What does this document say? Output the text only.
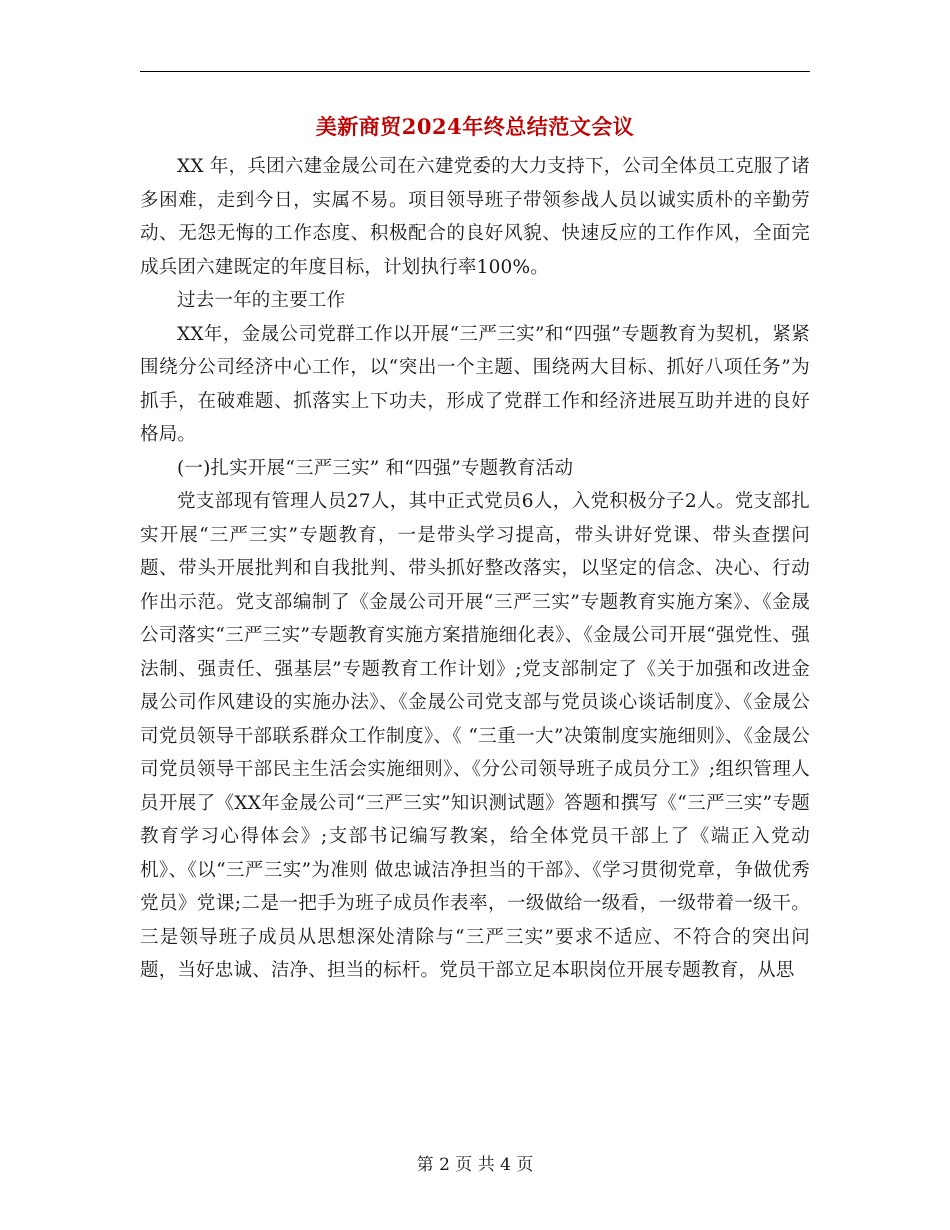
美新商贸2024年终总结范文会议

XX 年，兵团六建金晟公司在六建党委的大力支持下，公司全体员工克服了诸多困难，走到今日，实属不易。项目领导班子带领参战人员以诚实质朴的辛勤劳动、无怨无悔的工作态度、积极配合的良好风貌、快速反应的工作作风，全面完成兵团六建既定的年度目标，计划执行率100%。

过去一年的主要工作

XX年，金晟公司党群工作以开展“三严三实”和“四强”专题教育为契机，紧紧围绕分公司经济中心工作，以“突出一个主题、围绕两大目标、抓好八项任务”为抓手，在破难题、抓落实上下功夫，形成了党群工作和经济进展互助并进的良好格局。

(一)扎实开展“三严三实” 和“四强”专题教育活动

党支部现有管理人员27人，其中正式党员6人，入党积极分子2人。党支部扎实开展“三严三实”专题教育，一是带头学习提高，带头讲好党课、带头查摆问题、带头开展批判和自我批判、带头抓好整改落实，以坚定的信念、决心、行动作出示范。党支部编制了《金晟公司开展“三严三实”专题教育实施方案》、《金晟公司落实“三严三实”专题教育实施方案措施细化表》、《金晟公司开展“强党性、强法制、强责任、强基层”专题教育工作计划》;党支部制定了《关于加强和改进金晟公司作风建设的实施办法》、《金晟公司党支部与党员谈心谈话制度》、《金晟公司党员领导干部联系群众工作制度》、《 “三重一大”决策制度实施细则》、《金晟公司党员领导干部民主生活会实施细则》、《分公司领导班子成员分工》;组织管理人员开展了《XX年金晟公司“三严三实”知识测试题》答题和撰写《“三严三实”专题教育学习心得体会》;支部书记编写教案，给全体党员干部上了《端正入党动机》、《以“三严三实”为准则 做忠诚洁净担当的干部》、《学习贯彻党章，争做优秀党员》党课;二是一把手为班子成员作表率，一级做给一级看，一级带着一级干。三是领导班子成员从思想深处清除与“三严三实”要求不适应、不符合的突出问题，当好忠诚、洁净、担当的标杆。党员干部立足本职岗位开展专题教育，从思

第 2 页 共 4 页
